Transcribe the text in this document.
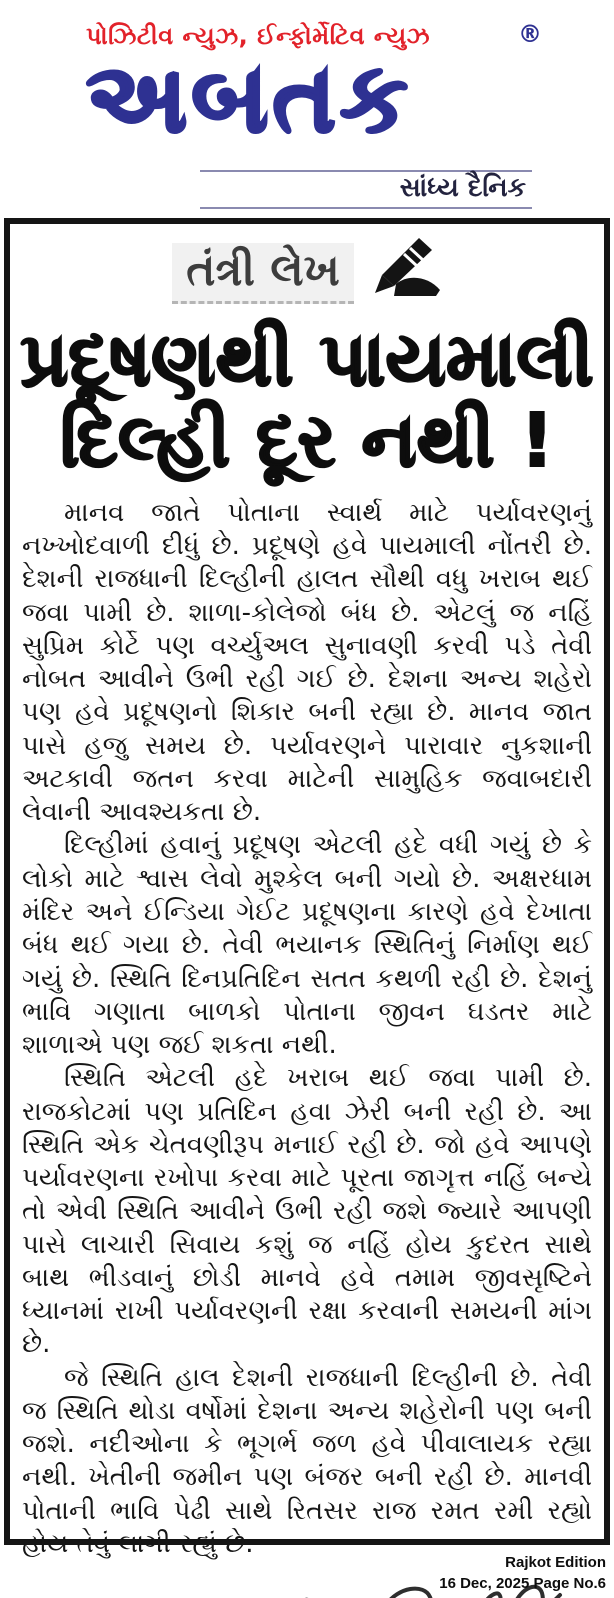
પોઝિટીવ ન્યુઝ, ઈન્ફોર્મેટિવ ન્યુઝ	®
અબતક
સાંધ્ય દૈનિક
તંત્રી લેખ
પ્રદૂષણથી પાયમાલી
દિલ્હી દૂર નથી !

માનવ જાતે પોતાના સ્વાર્થ માટે પર્યાવરણનું નખ્ખોદવાળી દીધું છે. પ્રદૂષણે હવે પાયમાલી નોંતરી છે. દેશની રાજધાની દિલ્હીની હાલત સૌથી વધુ ખરાબ થઈ જવા પામી છે. શાળા-કોલેજો બંધ છે. એટલું જ નહિં સુપ્રિમ કોર્ટે પણ વર્ચ્યુઅલ સુનાવણી કરવી પડે તેવી નોબત આવીને ઉભી રહી ગઈ છે. દેશના અન્ય શહેરો પણ હવે પ્રદૂષણનો શિકાર બની રહ્યા છે. માનવ જાત પાસે હજુ સમય છે. પર્યાવરણને પારાવાર નુકશાની અટકાવી જતન કરવા માટેની સામુહિક જવાબદારી લેવાની આવશ્યકતા છે.

દિલ્હીમાં હવાનું પ્રદૂષણ એટલી હદે વધી ગયું છે કે લોકો માટે શ્વાસ લેવો મુશ્કેલ બની ગયો છે. અક્ષરધામ મંદિર અને ઈન્ડિયા ગેઈટ પ્રદૂષણના કારણે હવે દેખાતા બંધ થઈ ગયા છે. તેવી ભયાનક સ્થિતિનું નિર્માણ થઈ ગયું છે. સ્થિતિ દિનપ્રતિદિન સતત કથળી રહી છે. દેશનું ભાવિ ગણાતા બાળકો પોતાના જીવન ઘડતર માટે શાળાએ પણ જઈ શકતા નથી.

સ્થિતિ એટલી હદે ખરાબ થઈ જવા પામી છે. રાજકોટમાં પણ પ્રતિદિન હવા ઝેરી બની રહી છે. આ સ્થિતિ એક ચેતવણીરૂપ મનાઈ રહી છે. જો હવે આપણે પર્યાવરણના રખોપા કરવા માટે પૂરતા જાગૃત્ત નહિં બન્યે તો એવી સ્થિતિ આવીને ઉભી રહી જશે જ્યારે આપણી પાસે લાચારી સિવાય કશું જ નહિં હોય કુદરત સાથે બાથ ભીડવાનું છોડી માનવે હવે તમામ જીવસૃષ્ટિને ધ્યાનમાં રાખી પર્યાવરણની રક્ષા કરવાની સમયની માંગ છે.

જે સ્થિતિ હાલ દેશની રાજધાની દિલ્હીની છે. તેવી જ સ્થિતિ થોડા વર્ષોમાં દેશના અન્ય શહેરોની પણ બની જશે. નદીઓના કે ભૂગર્ભ જળ હવે પીવાલાયક રહ્યા નથી. ખેતીની જમીન પણ બંજર બની રહી છે. માનવી પોતાની ભાવિ પેઢી સાથે રિતસર રાજ રમત રમી રહ્યો હોય તેવું લાગી રહ્યું છે.

Rajkot Edition
16 Dec, 2025 Page No.6
